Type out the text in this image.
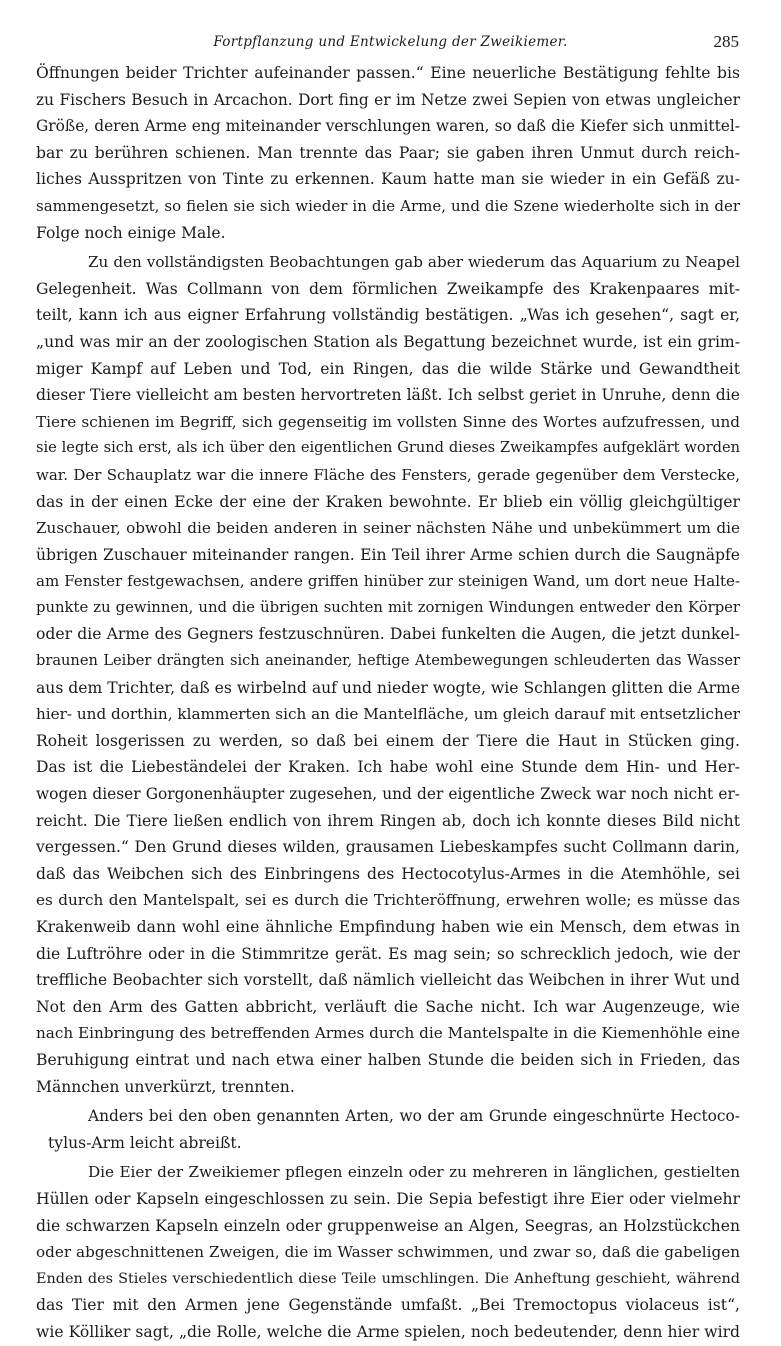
Fortpflanzung und Entwickelung der Zweikiemer.	285
Öffnungen beider Trichter aufeinander passen.“ Eine neuerliche Bestätigung fehlte bis
zu Fischers Besuch in Arcachon. Dort fing er im Netze zwei Sepien von etwas ungleicher
Größe, deren Arme eng miteinander verschlungen waren, so daß die Kiefer sich unmittel-
bar zu berühren schienen. Man trennte das Paar; sie gaben ihren Unmut durch reich-
liches Ausspritzen von Tinte zu erkennen. Kaum hatte man sie wieder in ein Gefäß zu-
sammengesetzt, so fielen sie sich wieder in die Arme, und die Szene wiederholte sich in der
Folge noch einige Male.
Zu den vollständigsten Beobachtungen gab aber wiederum das Aquarium zu Neapel
Gelegenheit. Was Collmann von dem förmlichen Zweikampfe des Krakenpaares mit-
teilt, kann ich aus eigner Erfahrung vollständig bestätigen. „Was ich gesehen“, sagt er,
„und was mir an der zoologischen Station als Begattung bezeichnet wurde, ist ein grim-
miger Kampf auf Leben und Tod, ein Ringen, das die wilde Stärke und Gewandtheit
dieser Tiere vielleicht am besten hervortreten läßt. Ich selbst geriet in Unruhe, denn die
Tiere schienen im Begriff, sich gegenseitig im vollsten Sinne des Wortes aufzufressen, und
sie legte sich erst, als ich über den eigentlichen Grund dieses Zweikampfes aufgeklärt worden
war. Der Schauplatz war die innere Fläche des Fensters, gerade gegenüber dem Verstecke,
das in der einen Ecke der eine der Kraken bewohnte. Er blieb ein völlig gleichgültiger
Zuschauer, obwohl die beiden anderen in seiner nächsten Nähe und unbekümmert um die
übrigen Zuschauer miteinander rangen. Ein Teil ihrer Arme schien durch die Saugnäpfe
am Fenster festgewachsen, andere griffen hinüber zur steinigen Wand, um dort neue Halte-
punkte zu gewinnen, und die übrigen suchten mit zornigen Windungen entweder den Körper
oder die Arme des Gegners festzuschnüren. Dabei funkelten die Augen, die jetzt dunkel-
braunen Leiber drängten sich aneinander, heftige Atembewegungen schleuderten das Wasser
aus dem Trichter, daß es wirbelnd auf und nieder wogte, wie Schlangen glitten die Arme
hier- und dorthin, klammerten sich an die Mantelfläche, um gleich darauf mit entsetzlicher
Roheit losgerissen zu werden, so daß bei einem der Tiere die Haut in Stücken ging.
Das ist die Liebeständelei der Kraken. Ich habe wohl eine Stunde dem Hin- und Her-
wogen dieser Gorgonenhäupter zugesehen, und der eigentliche Zweck war noch nicht er-
reicht. Die Tiere ließen endlich von ihrem Ringen ab, doch ich konnte dieses Bild nicht
vergessen.“ Den Grund dieses wilden, grausamen Liebeskampfes sucht Collmann darin,
daß das Weibchen sich des Einbringens des Hectocotylus-Armes in die Atemhöhle, sei
es durch den Mantelspalt, sei es durch die Trichteröffnung, erwehren wolle; es müsse das
Krakenweib dann wohl eine ähnliche Empfindung haben wie ein Mensch, dem etwas in
die Luftröhre oder in die Stimmritze gerät. Es mag sein; so schrecklich jedoch, wie der
treffliche Beobachter sich vorstellt, daß nämlich vielleicht das Weibchen in ihrer Wut und
Not den Arm des Gatten abbricht, verläuft die Sache nicht. Ich war Augenzeuge, wie
nach Einbringung des betreffenden Armes durch die Mantelspalte in die Kiemenhöhle eine
Beruhigung eintrat und nach etwa einer halben Stunde die beiden sich in Frieden, das
Männchen unverkürzt, trennten.
Anders bei den oben genannten Arten, wo der am Grunde eingeschnürte Hectoco-
tylus-Arm leicht abreißt.
Die Eier der Zweikiemer pflegen einzeln oder zu mehreren in länglichen, gestielten
Hüllen oder Kapseln eingeschlossen zu sein. Die Sepia befestigt ihre Eier oder vielmehr
die schwarzen Kapseln einzeln oder gruppenweise an Algen, Seegras, an Holzstückchen
oder abgeschnittenen Zweigen, die im Wasser schwimmen, und zwar so, daß die gabeligen
Enden des Stieles verschiedentlich diese Teile umschlingen. Die Anheftung geschieht, während
das Tier mit den Armen jene Gegenstände umfaßt. „Bei Tremoctopus violaceus ist“,
wie Kölliker sagt, „die Rolle, welche die Arme spielen, noch bedeutender, denn hier wird
